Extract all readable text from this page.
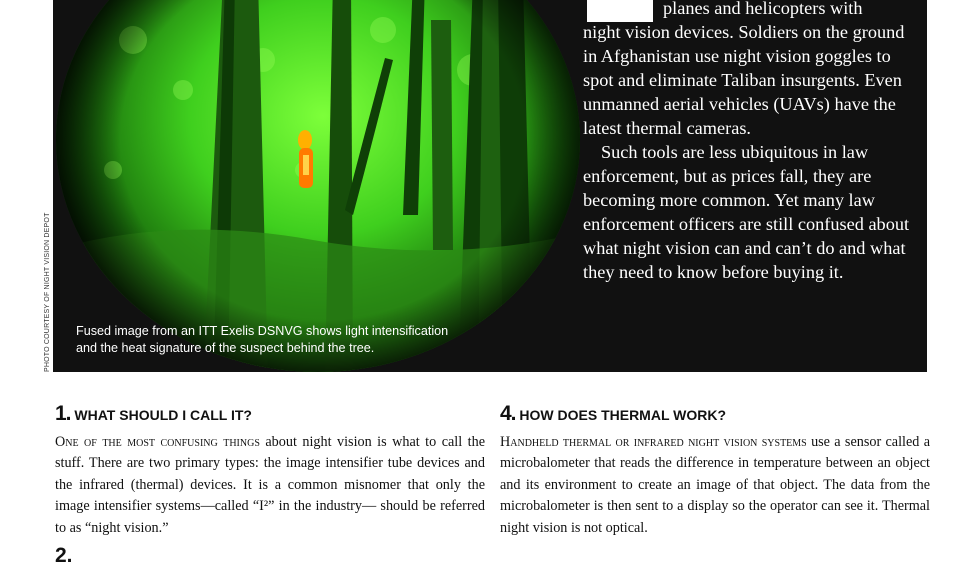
Fused image from an ITT Exelis DSNVG shows light intensification
and the heat signature of the suspect behind the tree.
PHOTO COURTESY OF NIGHT VISION DEPOT

planes and helicopters with

night vision devices. Soldiers on the ground in Afghanistan use night vision goggles to spot and eliminate Taliban insurgents. Even unmanned aerial vehicles (UAVs) have the latest thermal cameras.

Such tools are less ubiquitous in law enforcement, but as prices fall, they are becoming more common. Yet many law enforcement officers are still confused about what night vision can and can’t do and what they need to know before buying it.

1. WHAT SHOULD I CALL IT?

One of the most confusing things about night vision is what to call the stuff. There are two primary types: the image intensifier tube devices and the infrared (thermal) devices. It is a common misnomer that only the image intensifier systems—called “I²” in the industry— should be referred to as “night vision.”

4. HOW DOES THERMAL WORK?

Handheld thermal or infrared night vision systems use a sensor called a microbalometer that reads the difference in temperature between an object and its environment to create an image of that object. The data from the microbalometer is then sent to a display so the operator can see it. Thermal night vision is not optical.

2.
